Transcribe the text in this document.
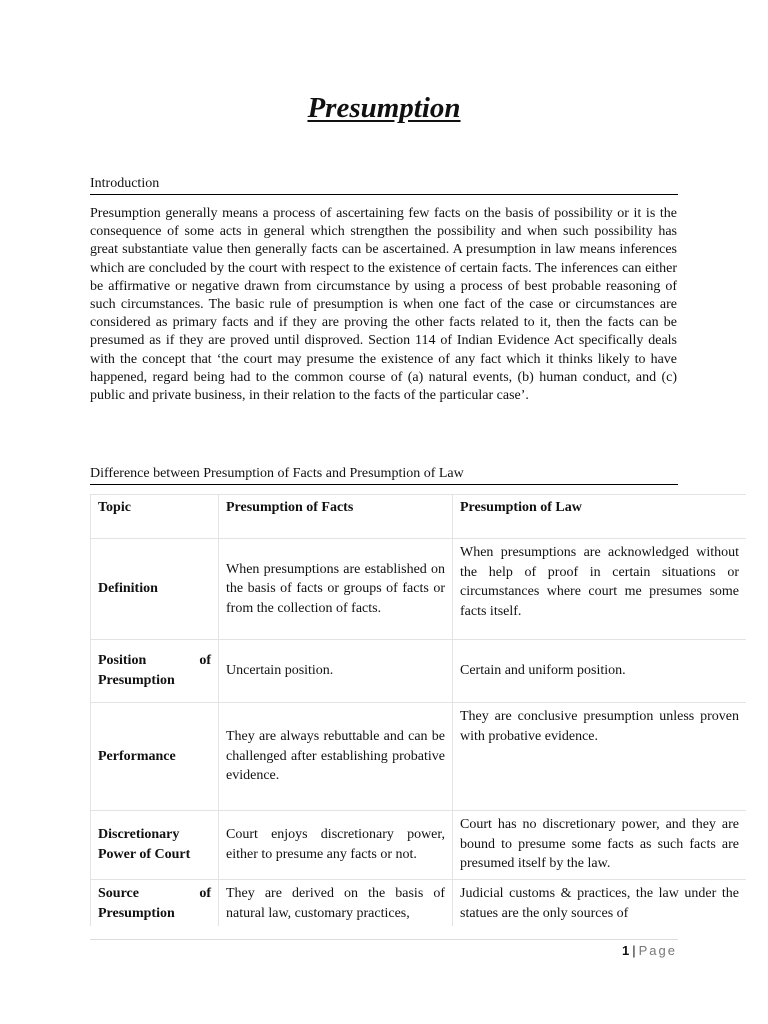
Presumption
Introduction

Presumption generally means a process of ascertaining few facts on the basis of possibility or it is the consequence of some acts in general which strengthen the possibility and when such possibility has great substantiate value then generally facts can be ascertained. A presumption in law means inferences which are concluded by the court with respect to the existence of certain facts. The inferences can either be affirmative or negative drawn from circumstance by using a process of best probable reasoning of such circumstances. The basic rule of presumption is when one fact of the case or circumstances are considered as primary facts and if they are proving the other facts related to it, then the facts can be presumed as if they are proved until disproved. Section 114 of Indian Evidence Act specifically deals with the concept that ‘the court may presume the existence of any fact which it thinks likely to have happened, regard being had to the common course of (a) natural events, (b) human conduct, and (c) public and private business, in their relation to the facts of the particular case’.

Difference between Presumption of Facts and Presumption of Law
Topic	Presumption of Facts	Presumption of Law
Definition	When presumptions are established on the basis of facts or groups of facts or from the collection of facts.	When presumptions are acknowledged without the help of proof in certain situations or circumstances where court me presumes some facts itself.
Position of Presumption	Uncertain position.	Certain and uniform position.
Performance	They are always rebuttable and can be challenged after establishing probative evidence.	They are conclusive presumption unless proven with probative evidence.
Discretionary Power of Court	Court enjoys discretionary power, either to presume any facts or not.	Court has no discretionary power, and they are bound to presume some facts as such facts are presumed itself by the law.
Source of Presumption	They are derived on the basis of natural law, customary practices,	Judicial customs & practices, the law under the statues are the only sources of
1 | Page
